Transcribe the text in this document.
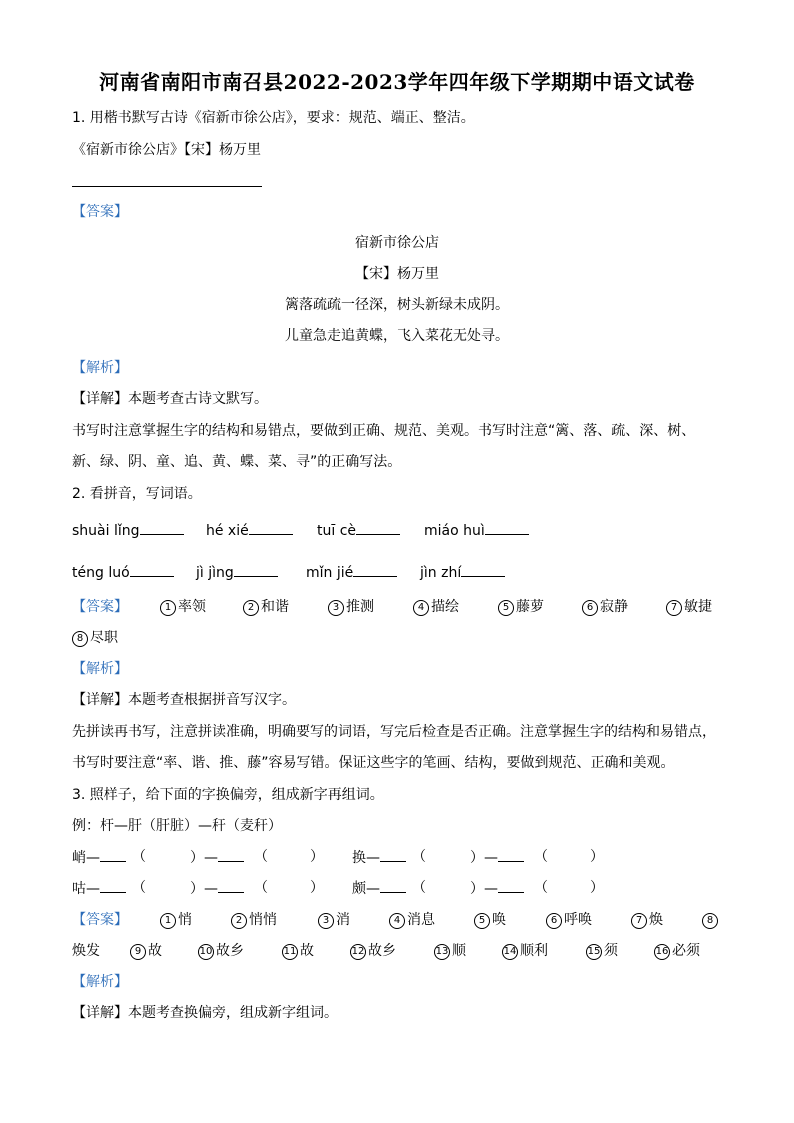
河南省南阳市南召县2022-2023学年四年级下学期期中语文试卷
1. 用楷书默写古诗《宿新市徐公店》，要求：规范、端正、整洁。
《宿新市徐公店》【宋】杨万里
【答案】
宿新市徐公店
【宋】杨万里
篱落疏疏一径深，树头新绿未成阴。
儿童急走追黄蝶，飞入菜花无处寻。
【解析】
【详解】本题考查古诗文默写。
书写时注意掌握生字的结构和易错点，要做到正确、规范、美观。书写时注意“篱、落、疏、深、树、
新、绿、阴、童、追、黄、蝶、菜、寻”的正确写法。
2. 看拼音，写词语。
shuài lǐng	hé xié	tuī cè	miáo huì
téng luó	jì jìng	mǐn jié	jìn zhí
【答案】	1 率领	2 和谐	3 推测	4 描绘	5 藤萝	6 寂静	7 敏捷
8 尽职
【解析】
【详解】本题考查根据拼音写汉字。
先拼读再书写，注意拼读准确，明确要写的词语，写完后检查是否正确。注意掌握生字的结构和易错点，
书写时要注意“率、谐、推、藤”容易写错。保证这些字的笔画、结构，要做到规范、正确和美观。
3. 照样子，给下面的字换偏旁，组成新字再组词。
例：杆—肝（肝脏）—秆（麦秆）
峭—	（	）—	（	） 换—	（	）—	（	）
咕—	（	）—	（	） 颇—	（	）—	（	）
【答案】	1 悄	2 悄悄	3 消	4 消息	5 唤	6 呼唤	7 焕	8
焕发	9 故	10 故乡	11 故	12 故乡	13 顺	14 顺利	15 须	16 必须
【解析】
【详解】本题考查换偏旁，组成新字组词。
